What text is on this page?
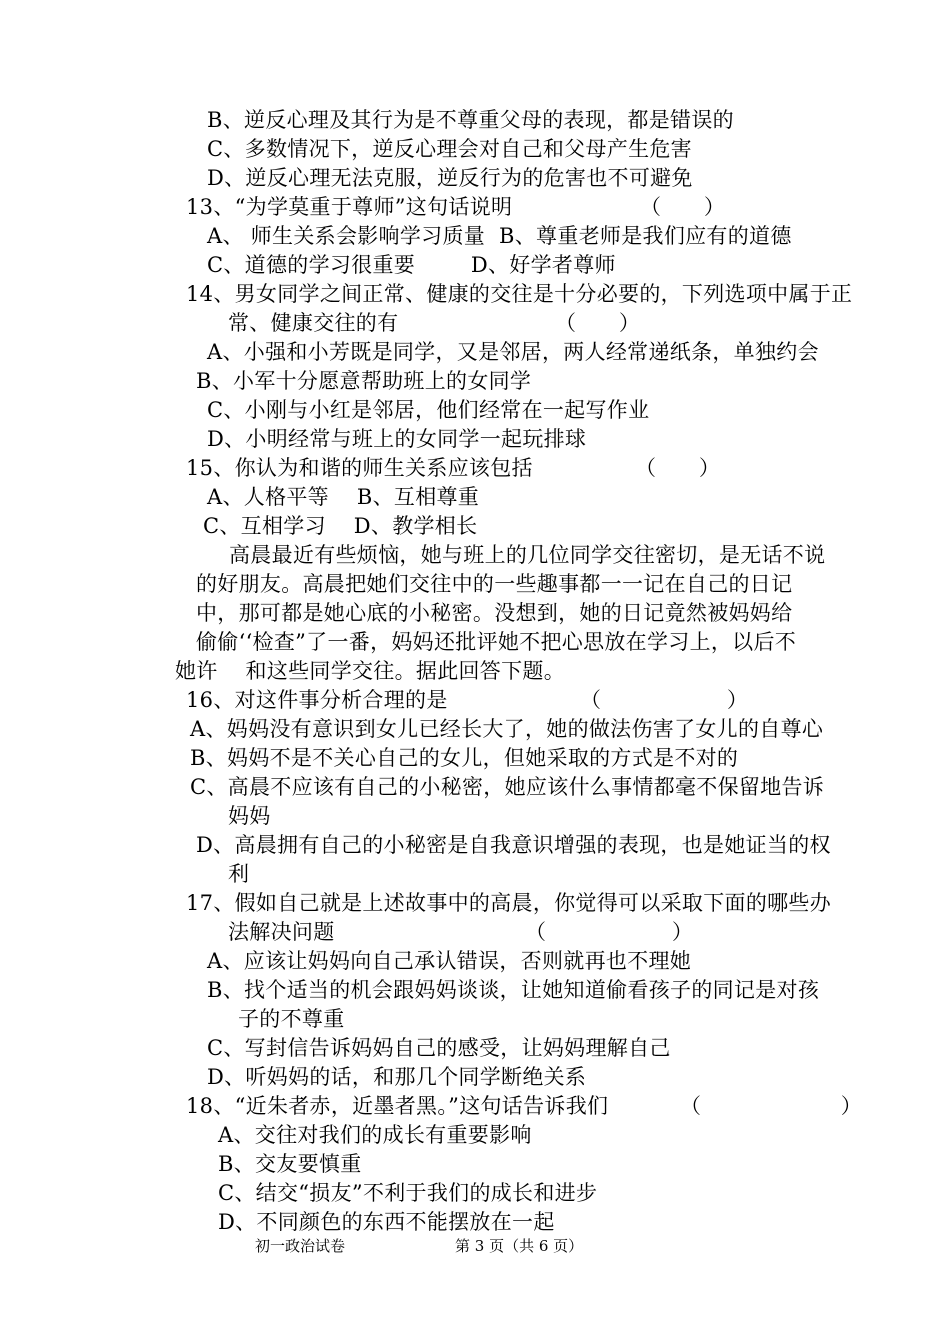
B、逆反心理及其行为是不尊重父母的表现，都是错误的
C、多数情况下，逆反心理会对自己和父母产生危害
D、逆反心理无法克服，逆反行为的危害也不可避免
13、“为学莫重于尊师”这句话说明	（　　）
A、 师生关系会影响学习质量  B、尊重老师是我们应有的道德
C、道德的学习很重要        D、好学者尊师
14、男女同学之间正常、健康的交往是十分必要的，下列选项中属于正
常、健康交往的有	（　　）
A、小强和小芳既是同学，又是邻居，两人经常递纸条，单独约会
B、小军十分愿意帮助班上的女同学
C、小刚与小红是邻居，他们经常在一起写作业
D、小明经常与班上的女同学一起玩排球
15、你认为和谐的师生关系应该包括	（　　）
A、人格平等    B、互相尊重
C、互相学习    D、教学相长
高晨最近有些烦恼，她与班上的几位同学交往密切，是无话不说
的好朋友。高晨把她们交往中的一些趣事都一一记在自己的日记
中，那可都是她心底的小秘密。没想到，她的日记竟然被妈妈给
偷偷‘‘检查”了一番，妈妈还批评她不把心思放在学习上，以后不
她许    和这些同学交往。据此回答下题。
16、对这件事分析合理的是	（                  ）
A、妈妈没有意识到女儿已经长大了，她的做法伤害了女儿的自尊心
B、妈妈不是不关心自己的女儿，但她采取的方式是不对的
C、高晨不应该有自己的小秘密，她应该什么事情都毫不保留地告诉
妈妈
D、高晨拥有自己的小秘密是自我意识增强的表现，也是她证当的权
利
17、假如自己就是上述故事中的高晨，你觉得可以采取下面的哪些办
法解决问题	（                  ）
A、应该让妈妈向自己承认错误，否则就再也不理她
B、找个适当的机会跟妈妈谈谈，让她知道偷看孩子的同记是对孩
子的不尊重
C、写封信告诉妈妈自己的感受，让妈妈理解自己
D、听妈妈的话，和那几个同学断绝关系
18、“近朱者赤，近墨者黑。”这句话告诉我们	（                    ）
A、交往对我们的成长有重要影响
B、交友要慎重
C、结交“损友”不利于我们的成长和进步
D、不同颜色的东西不能摆放在一起
初一政治试卷	第 3 页（共 6 页）
